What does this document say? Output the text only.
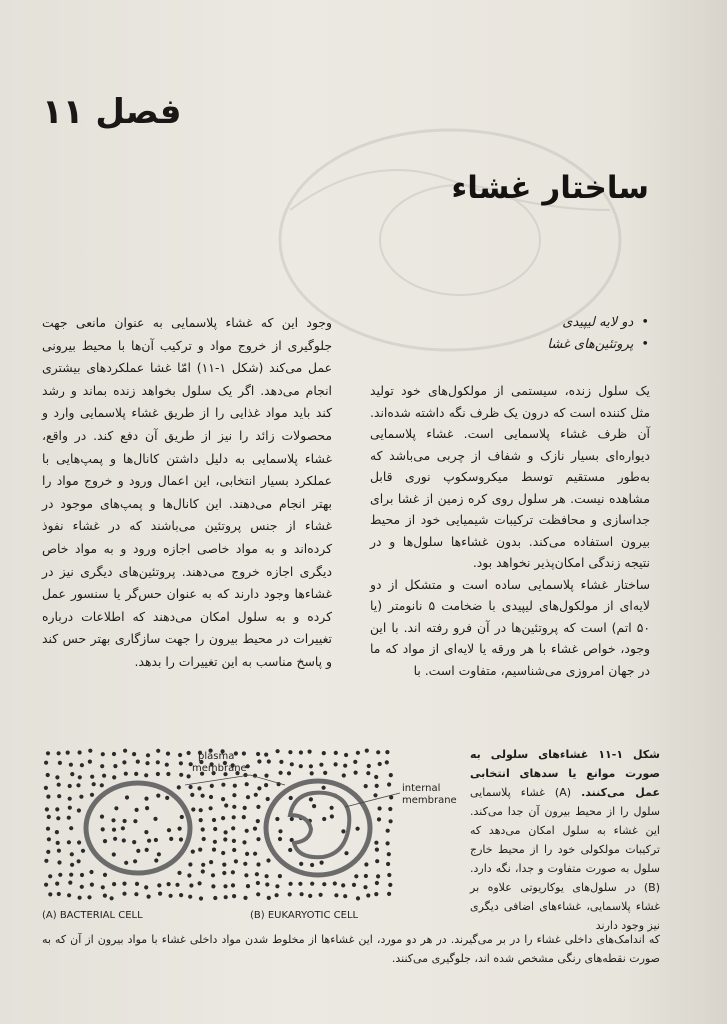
فصل ۱۱
ساختار غشاء
• دو لایه لیپیدی
• پروتئین‌های غشا

یک سلول زنده، سیستمی از مولکول‌های خود تولید مثل کننده است که درون یک ظرف نگه داشته شده‌اند. آن ظرف غشاء پلاسمایی است. غشاء پلاسمایی دیواره‌ای بسیار نازک و شفاف از چربی می‌باشد که به‌طور مستقیم توسط میکروسکوپ نوری قابل مشاهده نیست. هر سلول روی کره زمین از غشا برای جداسازی و محافظت ترکیبات شیمیایی خود از محیط بیرون استفاده می‌کند. بدون غشاءها سلول‌ها و در نتیجه زندگی امکان‌پذیر نخواهد بود.

ساختار غشاء پلاسمایی ساده است و متشکل از دو لایه‌ای از مولکول‌های لیپیدی با ضخامت ۵ نانومتر (یا ۵۰ اتم) است که پروتئین‌ها در آن فرو رفته اند. با این وجود، خواص غشاء با هر ورقه یا لایه‌ای از مواد که ما در جهان امروزی می‌شناسیم، متفاوت است. با

وجود این که غشاء پلاسمایی به عنوان مانعی جهت جلوگیری از خروج مواد و ترکیب آن‌ها با محیط بیرونی عمل می‌کند (شکل ۱-۱۱) امّا غشا عملکردهای بیشتری انجام می‌دهد. اگر یک سلول بخواهد زنده بماند و رشد کند باید مواد غذایی را از طریق غشاء پلاسمایی وارد و محصولات زائد را نیز از طریق آن دفع کند. در واقع، غشاء پلاسمایی به دلیل داشتن کانال‌ها و پمپ‌هایی با عملکرد بسیار انتخابی، این اعمال ورود و خروج مواد را بهتر انجام می‌دهند. این کانال‌ها و پمپ‌های موجود در غشاء از جنس پروتئین می‌باشند که در غشاء نفوذ کرده‌اند و به مواد خاصی اجازه ورود و به مواد خاص دیگری اجازه خروج می‌دهند. پروتئین‌های دیگری نیز در غشاءها وجود دارند که به عنوان حس‌گر یا سنسور عمل کرده و به سلول امکان می‌دهند که اطلاعات درباره تغییرات در محیط بیرون را جهت سازگاری بهتر حس کند و پاسخ مناسب به این تغییرات را بدهد.

plasma
membrane
internal
membrane
(A) BACTERIAL CELL	(B) EUKARYOTIC CELL

شکل ۱-۱۱ غشاءهای سلولی به صورت موانع یا سدهای انتخابی عمل می‌کنند. (A) غشاء پلاسمایی سلول را از محیط بیرون آن جدا می‌کند. این غشاء به سلول امکان می‌دهد که ترکیبات مولکولی خود را از محیط خارج سلول به صورت متفاوت و جدا، نگه دارد. (B) در سلول‌های یوکاریوتی علاوه بر غشاء پلاسمایی، غشاءهای اضافی دیگری نیز وجود دارند

که اندامک‌های داخلی غشاء را در بر می‌گیرند. در هر دو مورد، این غشاءها از مخلوط شدن مواد داخلی غشاء با مواد بیرون از آن که به صورت نقطه‌های رنگی مشخص شده اند، جلوگیری می‌کنند.
